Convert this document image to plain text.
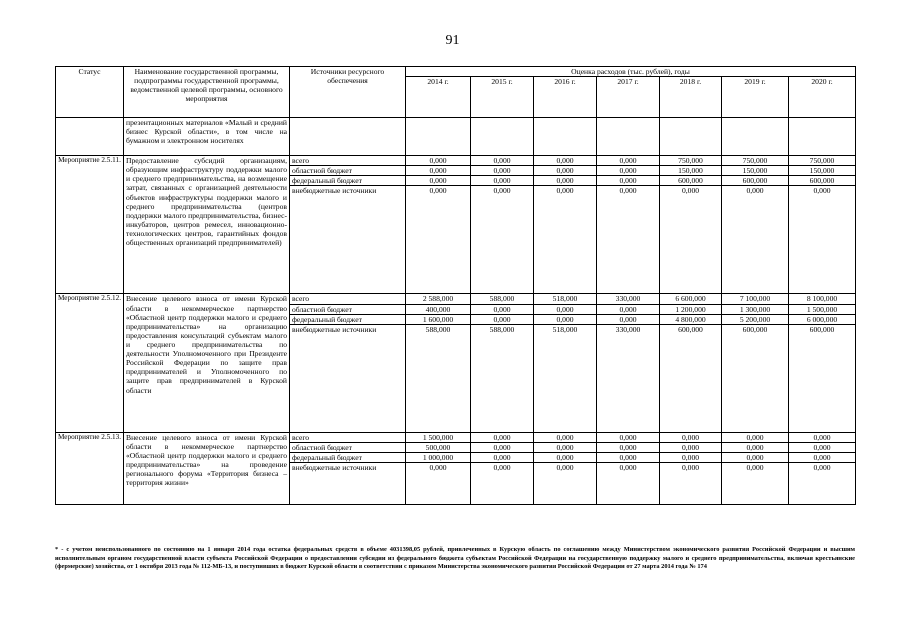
91
Статус	Наименование государственной программы, подпрограммы государственной программы, ведомственной целевой программы, основного мероприятия	Источники ресурсного обеспечения	Оценка расходов (тыс. рублей), годы						
			2014 г.	2015 г.	2016 г.	2017 г.	2018 г.	2019 г.	2020 г.
	презентационных материалов «Малый и средний бизнес Курской области», в том числе на бумажном и электронном носителях								
Мероприятие 2.5.11.	Предоставление субсидий организациям, образующим инфраструктуру поддержки малого и среднего предпринимательства, на возмещение затрат, связанных с организацией деятельности объектов инфраструктуры поддержки малого и среднего предпринимательства (центров поддержки малого предпринимательства, бизнес-инкубаторов, центров ремесел, инновационно-технологических центров, гарантийных фондов общественных организаций предпринимателей)	всего	0,000	0,000	0,000	0,000	750,000	750,000	750,000
		областной бюджет	0,000	0,000	0,000	0,000	150,000	150,000	150,000
		федеральный бюджет	0,000	0,000	0,000	0,000	600,000	600,000	600,000
		внебюджетные источники	0,000	0,000	0,000	0,000	0,000	0,000	0,000
Мероприятие 2.5.12.	Внесение целевого взноса от имени Курской области в некоммерческое партнерство «Областной центр поддержки малого и среднего предпринимательства» на организацию предоставления консультаций субъектам малого и среднего предпринимательства по деятельности Уполномоченного при Президенте Российской Федерации по защите прав предпринимателей и Уполномоченного по защите прав предпринимателей в Курской области	всего	2 588,000	588,000	518,000	330,000	6 600,000	7 100,000	8 100,000
		областной бюджет	400,000	0,000	0,000	0,000	1 200,000	1 300,000	1 500,000
		федеральный бюджет	1 600,000	0,000	0,000	0,000	4 800,000	5 200,000	6 000,000
		внебюджетные источники	588,000	588,000	518,000	330,000	600,000	600,000	600,000
Мероприятие 2.5.13.	Внесение целевого взноса от имени Курской области в некоммерческое партнерство «Областной центр поддержки малого и среднего предпринимательства» на проведение регионального форума «Территория бизнеса – территория жизни»	всего	1 500,000	0,000	0,000	0,000	0,000	0,000	0,000
		областной бюджет	500,000	0,000	0,000	0,000	0,000	0,000	0,000
		федеральный бюджет	1 000,000	0,000	0,000	0,000	0,000	0,000	0,000
		внебюджетные источники	0,000	0,000	0,000	0,000	0,000	0,000	0,000
* - с учетом неиспользованного по состоянию на 1 января 2014 года остатка федеральных средств в объеме 4031398,05 рублей, привлеченных в Курскую область по соглашению между Министерством экономического развития Российской Федерации и высшим исполнительным органом государственной власти субъекта Российской Федерации о предоставлении субсидии из федерального бюджета субъектам Российской Федерации на государственную поддержку малого и среднего предпринимательства, включая крестьянские (фермерские) хозяйства, от 1 октября 2013 года № 112-МБ-13, и поступивших в бюджет Курской области в соответствии с приказом Министерства экономического развития Российской Федерации от 27 марта 2014 года № 174
